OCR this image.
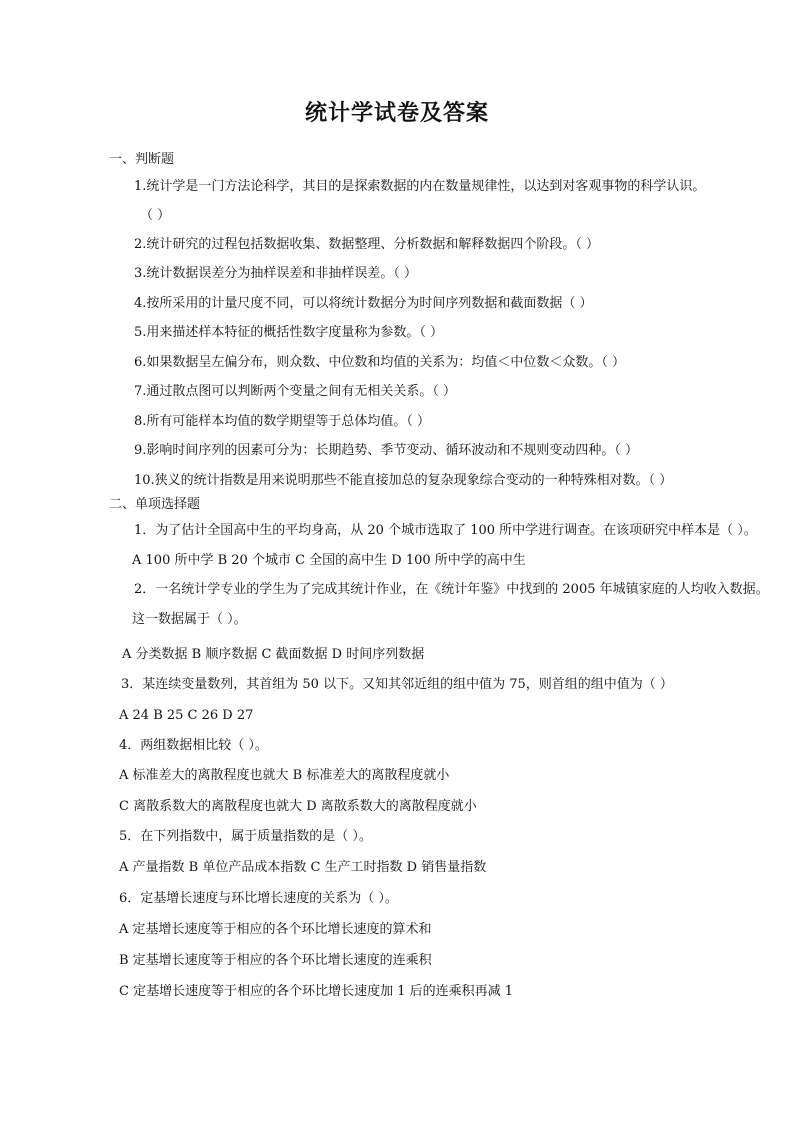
统计学试卷及答案
一、判断题
1.统计学是一门方法论科学，其目的是探索数据的内在数量规律性，以达到对客观事物的科学认识。
（ ）
2.统计研究的过程包括数据收集、数据整理、分析数据和解释数据四个阶段。（ ）
3.统计数据误差分为抽样误差和非抽样误差。（ ）
4.按所采用的计量尺度不同，可以将统计数据分为时间序列数据和截面数据（ ）
5.用来描述样本特征的概括性数字度量称为参数。（ ）
6.如果数据呈左偏分布，则众数、中位数和均值的关系为：均值＜中位数＜众数。（ ）
7.通过散点图可以判断两个变量之间有无相关关系。（ ）
8.所有可能样本均值的数学期望等于总体均值。（ ）
9.影响时间序列的因素可分为：长期趋势、季节变动、循环波动和不规则变动四种。（ ）
10.狭义的统计指数是用来说明那些不能直接加总的复杂现象综合变动的一种特殊相对数。（ ）
二、单项选择题
1．为了估计全国高中生的平均身高，从 20 个城市选取了 100 所中学进行调查。在该项研究中样本是（ ）。
A 100 所中学 B 20 个城市 C 全国的高中生 D 100 所中学的高中生
2．一名统计学专业的学生为了完成其统计作业，在《统计年鉴》中找到的 2005 年城镇家庭的人均收入数据。
这一数据属于（ ）。
A 分类数据 B 顺序数据 C 截面数据 D 时间序列数据
3．某连续变量数列，其首组为 50 以下。又知其邻近组的组中值为 75，则首组的组中值为（ ）
A 24 B 25 C 26 D 27
4．两组数据相比较（ ）。
A 标准差大的离散程度也就大 B 标准差大的离散程度就小
C 离散系数大的离散程度也就大 D 离散系数大的离散程度就小
5．在下列指数中，属于质量指数的是（ ）。
A 产量指数 B 单位产品成本指数 C 生产工时指数 D 销售量指数
6．定基增长速度与环比增长速度的关系为（ ）。
A 定基增长速度等于相应的各个环比增长速度的算术和
B 定基增长速度等于相应的各个环比增长速度的连乘积
C 定基增长速度等于相应的各个环比增长速度加 1 后的连乘积再减 1
